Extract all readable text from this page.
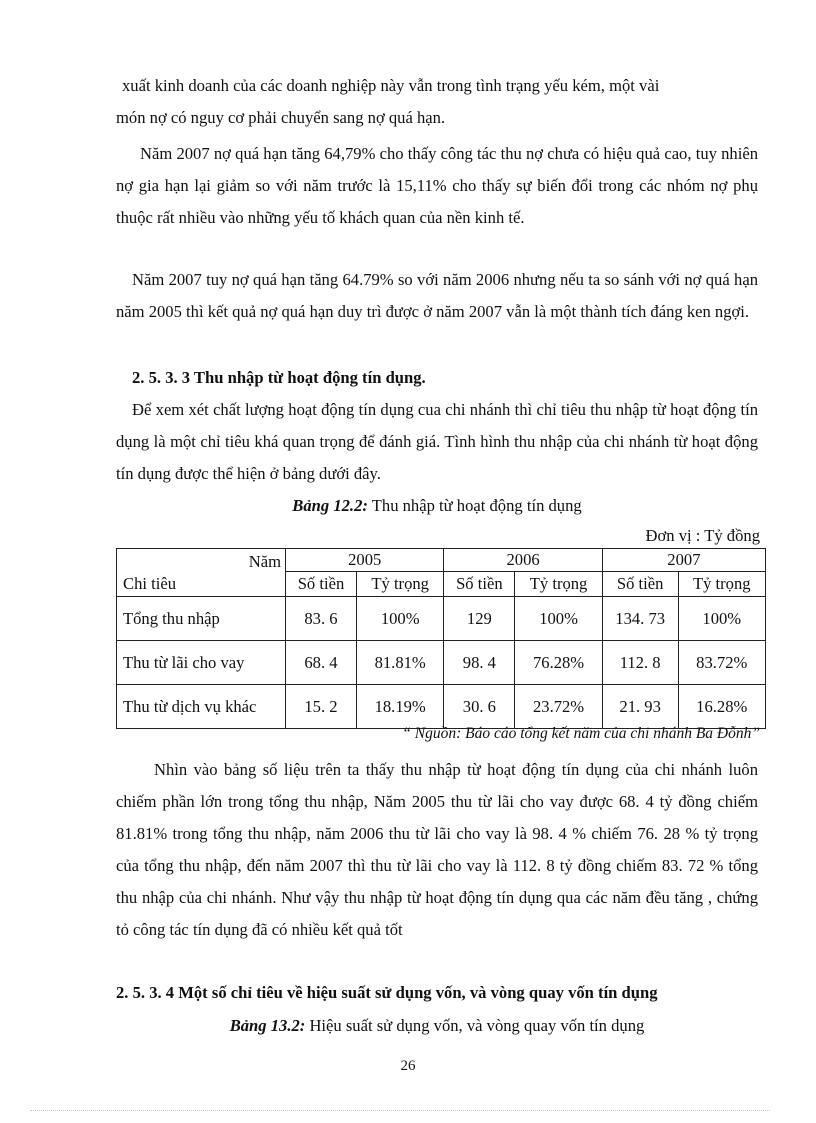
xuất kinh doanh của các doanh nghiệp này vẫn trong tình trạng yếu kém, một vài

món nợ có nguy cơ phải chuyển sang nợ quá hạn.

Năm 2007 nợ quá hạn tăng 64,79% cho thấy công tác thu nợ chưa có hiệu quả cao, tuy nhiên nợ gia hạn lại giảm so với năm trước là 15,11% cho thấy sự biến đổi trong các nhóm nợ phụ thuộc rất nhiều vào những yếu tố khách quan của nền kinh tế.

Năm 2007 tuy nợ quá hạn tăng 64.79% so với năm 2006 nhưng nếu ta so sánh với nợ quá hạn năm 2005 thì kết quả nợ quá hạn duy trì được ở năm 2007 vẫn là một thành tích đáng ken ngợi.

2. 5. 3. 3 Thu nhập từ hoạt động tín dụng.

Để xem xét chất lượng hoạt động tín dụng cua chi nhánh thì chỉ tiêu thu nhập từ hoạt động tín dụng là một chỉ tiêu khá quan trọng để đánh giá. Tình hình thu nhập của chi nhánh từ hoạt động tín dụng được thể hiện ở bảng dưới đây.

Bảng 12.2: Thu nhập từ hoạt động tín dụng

Đơn vị : Tỷ đồng
Năm
Chi tiêu	2005		2006		2007	
	Số tiền	Tỷ trọng	Số tiền	Tỷ trọng	Số tiền	Tỷ trọng
Tổng thu nhập	83. 6	100%	129	100%	134. 73	100%
Thu từ lãi cho vay	68. 4	81.81%	98. 4	76.28%	112. 8	83.72%
Thu từ dịch vụ khác	15. 2	18.19%	30. 6	23.72%	21. 93	16.28%
“ Nguồn: Báo cáo tổng kết năm của chi nhánh Ba Đỗnh”

Nhìn vào bảng số liệu trên ta thấy thu nhập từ hoạt động tín dụng của chi nhánh luôn chiếm phần lớn trong tổng thu nhập, Năm 2005 thu từ lãi cho vay được 68. 4 tỷ đồng chiếm 81.81% trong tổng thu nhập, năm 2006 thu từ lãi cho vay là 98. 4 % chiếm 76. 28 % tỷ trọng của tổng thu nhập, đến năm 2007 thì thu từ lãi cho vay là 112. 8 tỷ đồng chiếm 83. 72 % tổng thu nhập của chi nhánh. Như vậy thu nhập từ hoạt động tín dụng qua các năm đều tăng , chứng tỏ công tác tín dụng đã có nhiều kết quả tốt

2. 5. 3. 4 Một số chỉ tiêu về hiệu suất sử dụng vốn, và vòng quay vốn tín dụng

Bảng 13.2: Hiệu suất sử dụng vốn, và vòng quay vốn tín dụng

26
